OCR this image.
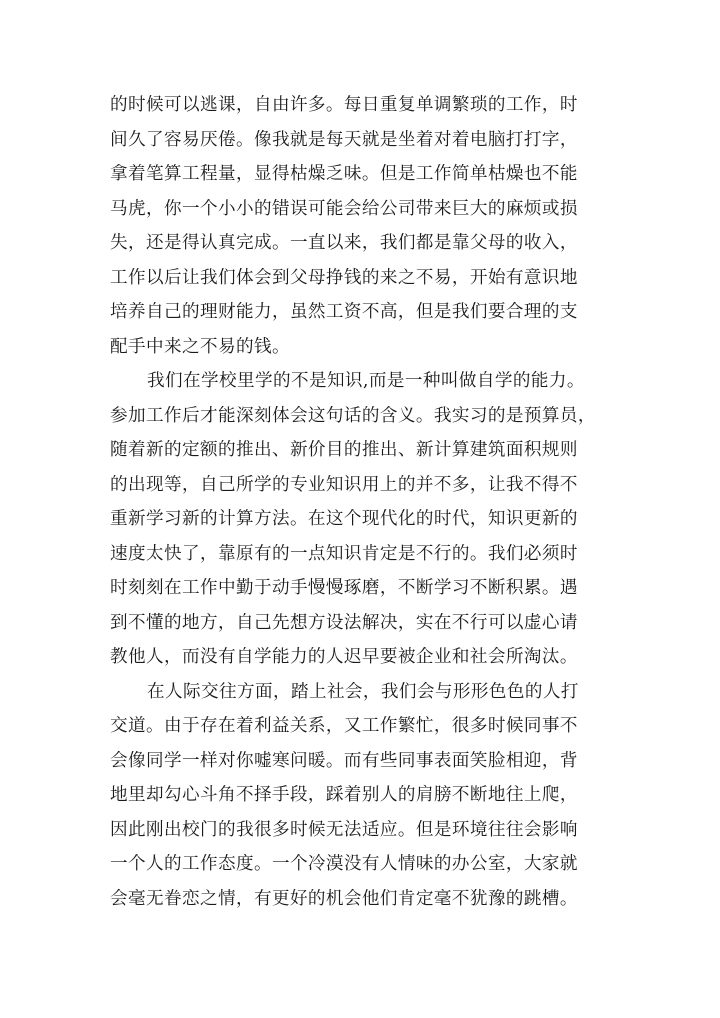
的时候可以逃课，自由许多。每日重复单调繁琐的工作，时
间久了容易厌倦。像我就是每天就是坐着对着电脑打打字，
拿着笔算工程量，显得枯燥乏味。但是工作简单枯燥也不能
马虎，你一个小小的错误可能会给公司带来巨大的麻烦或损
失，还是得认真完成。一直以来，我们都是靠父母的收入，
工作以后让我们体会到父母挣钱的来之不易，开始有意识地
培养自己的理财能力，虽然工资不高，但是我们要合理的支
配手中来之不易的钱。
我们在学校里学的不是知识,而是一种叫做自学的能力。
参加工作后才能深刻体会这句话的含义。我实习的是预算员，
随着新的定额的推出、新价目的推出、新计算建筑面积规则
的出现等，自己所学的专业知识用上的并不多，让我不得不
重新学习新的计算方法。在这个现代化的时代，知识更新的
速度太快了，靠原有的一点知识肯定是不行的。我们必须时
时刻刻在工作中勤于动手慢慢琢磨，不断学习不断积累。遇
到不懂的地方，自己先想方设法解决，实在不行可以虚心请
教他人，而没有自学能力的人迟早要被企业和社会所淘汰。
在人际交往方面，踏上社会，我们会与形形色色的人打
交道。由于存在着利益关系，又工作繁忙，很多时候同事不
会像同学一样对你嘘寒问暖。而有些同事表面笑脸相迎，背
地里却勾心斗角不择手段，踩着别人的肩膀不断地往上爬，
因此刚出校门的我很多时候无法适应。但是环境往往会影响
一个人的工作态度。一个冷漠没有人情味的办公室，大家就
会毫无眷恋之情，有更好的机会他们肯定毫不犹豫的跳槽。
